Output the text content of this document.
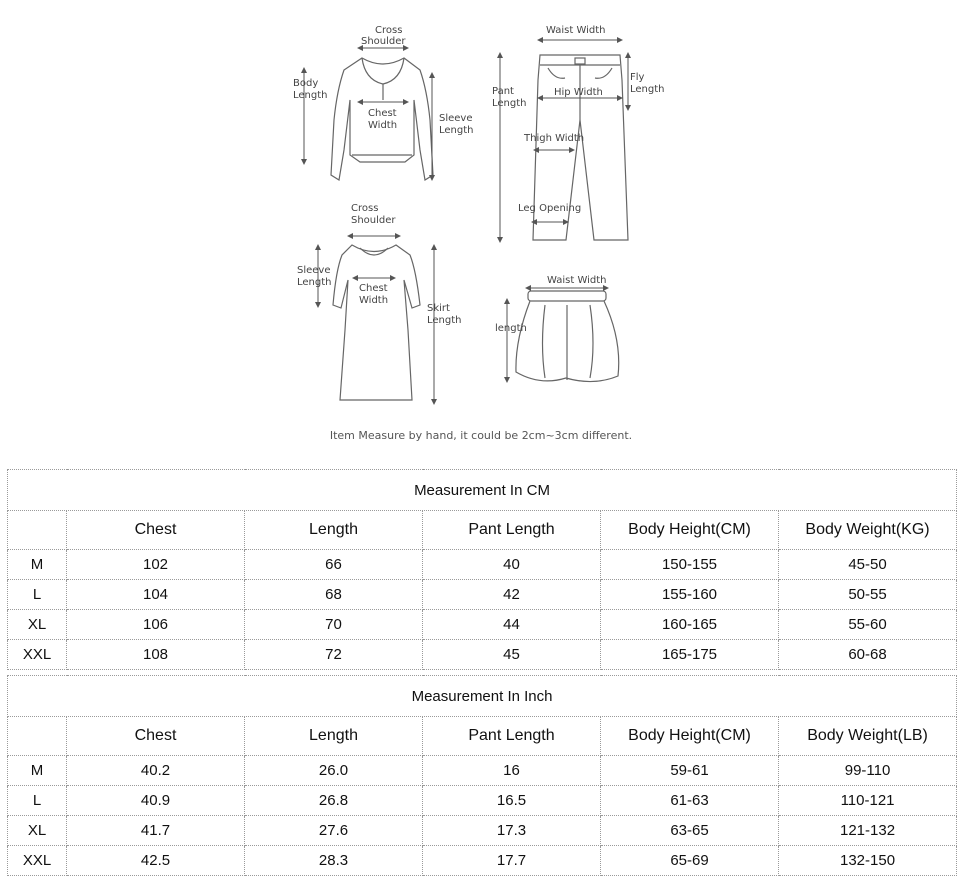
Cross
Shoulder
Body
Length
Chest
Width
Sleeve
Length
Waist Width
Pant
Length
Hip Width
Fly
Length
Thigh Width
Leg Opening
Cross
Shoulder
Sleeve
Length
Chest
Width
Skirt
Length
Waist Width
length
Item Measure by hand, it could be 2cm~3cm different.
Measurement In CM					
	Chest	Length	Pant Length	Body Height(CM)	Body Weight(KG)
M	102	66	40	150-155	45-50
L	104	68	42	155-160	50-55
XL	106	70	44	160-165	55-60
XXL	108	72	45	165-175	60-68
Measurement In Inch					
	Chest	Length	Pant Length	Body Height(CM)	Body Weight(LB)
M	40.2	26.0	16	59-61	99-110
L	40.9	26.8	16.5	61-63	110-121
XL	41.7	27.6	17.3	63-65	121-132
XXL	42.5	28.3	17.7	65-69	132-150
